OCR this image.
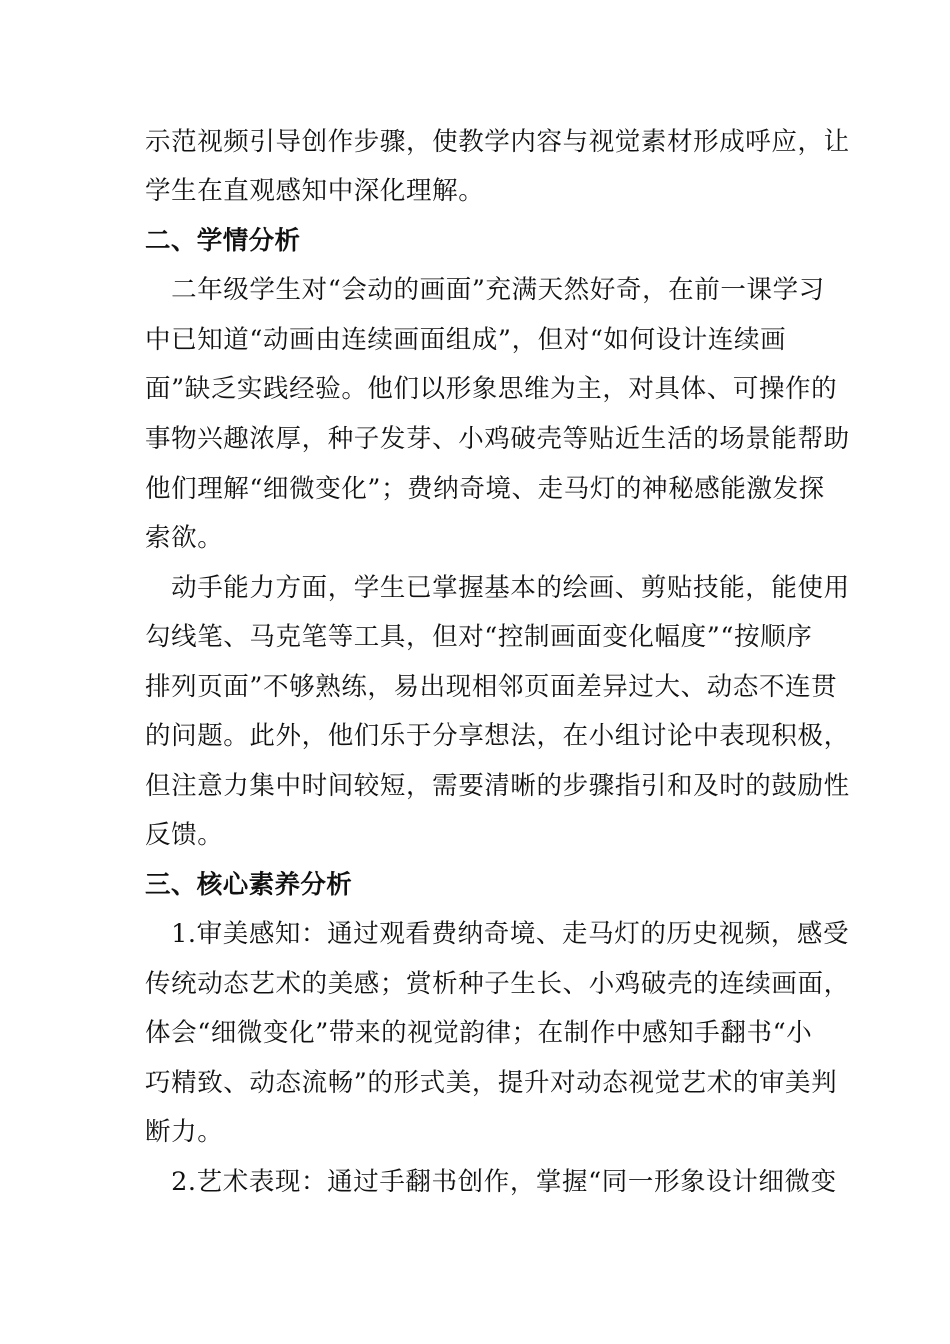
示范视频引导创作步骤，使教学内容与视觉素材形成呼应，让
学生在直观感知中深化理解。
二、学情分析
　二年级学生对“会动的画面”充满天然好奇，在前一课学习
中已知道“动画由连续画面组成”，但对“如何设计连续画
面”缺乏实践经验。他们以形象思维为主，对具体、可操作的
事物兴趣浓厚，种子发芽、小鸡破壳等贴近生活的场景能帮助
他们理解“细微变化”；费纳奇境、走马灯的神秘感能激发探
索欲。
　动手能力方面，学生已掌握基本的绘画、剪贴技能，能使用
勾线笔、马克笔等工具，但对“控制画面变化幅度”“按顺序
排列页面”不够熟练，易出现相邻页面差异过大、动态不连贯
的问题。此外，他们乐于分享想法，在小组讨论中表现积极，
但注意力集中时间较短，需要清晰的步骤指引和及时的鼓励性
反馈。
三、核心素养分析
　1.审美感知：通过观看费纳奇境、走马灯的历史视频，感受
传统动态艺术的美感；赏析种子生长、小鸡破壳的连续画面，
体会“细微变化”带来的视觉韵律；在制作中感知手翻书“小
巧精致、动态流畅”的形式美，提升对动态视觉艺术的审美判
断力。
　2.艺术表现：通过手翻书创作，掌握“同一形象设计细微变
